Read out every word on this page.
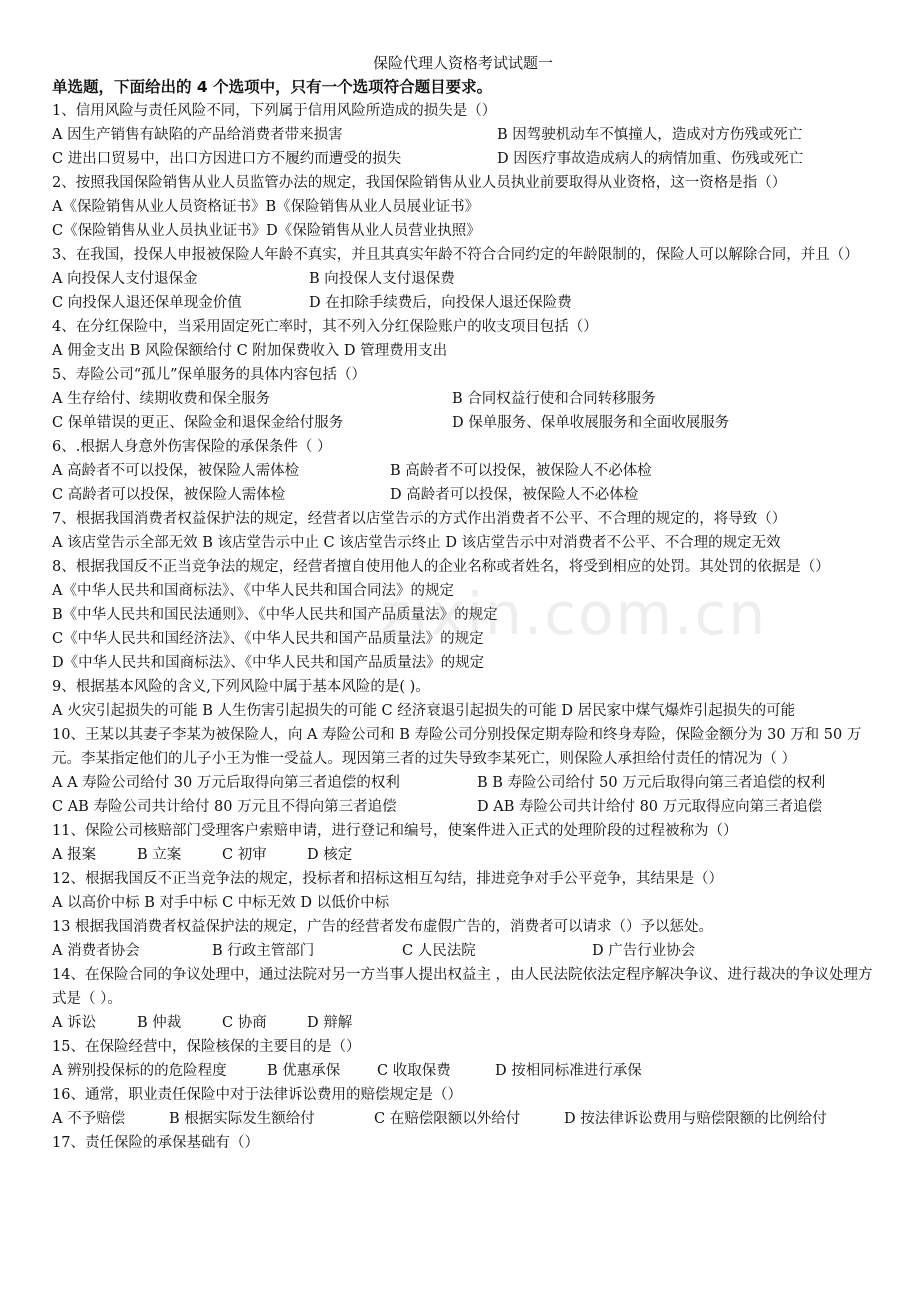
zixin.com.cn

保险代理人资格考试试题一

单选题，下面给出的 4 个选项中，只有一个选项符合题目要求。

1、信用风险与责任风险不同，下列属于信用风险所造成的损失是（）

A 因生产销售有缺陷的产品给消费者带来损害	B 因驾驶机动车不慎撞人，造成对方伤残或死亡
C 进出口贸易中，出口方因进口方不履约而遭受的损失	D 因医疗事故造成病人的病情加重、伤残或死亡

2、按照我国保险销售从业人员监管办法的规定，我国保险销售从业人员执业前要取得从业资格，这一资格是指（）

A《保险销售从业人员资格证书》B《保险销售从业人员展业证书》
C《保险销售从业人员执业证书》D《保险销售从业人员营业执照》

3、在我国，投保人申报被保险人年龄不真实，并且其真实年龄不符合合同约定的年龄限制的，保险人可以解除合同，并且（）

A 向投保人支付退保金	B 向投保人支付退保费
C 向投保人退还保单现金价值	D 在扣除手续费后，向投保人退还保险费

4、在分红保险中，当采用固定死亡率时，其不列入分红保险账户的收支项目包括（）

A 佣金支出 B 风险保额给付 C 附加保费收入 D 管理费用支出

5、寿险公司“孤儿”保单服务的具体内容包括（）

A 生存给付、续期收费和保全服务	B 合同权益行使和合同转移服务
C 保单错误的更正、保险金和退保金给付服务	D 保单服务、保单收展服务和全面收展服务

6、.根据人身意外伤害保险的承保条件（ ）

A 高龄者不可以投保，被保险人需体检	B 高龄者不可以投保，被保险人不必体检
C 高龄者可以投保，被保险人需体检	D 高龄者可以投保，被保险人不必体检

7、根据我国消费者权益保护法的规定，经营者以店堂告示的方式作出消费者不公平、不合理的规定的，将导致（）

A 该店堂告示全部无效 B 该店堂告示中止 C 该店堂告示终止 D 该店堂告示中对消费者不公平、不合理的规定无效

8、根据我国反不正当竞争法的规定，经营者擅自使用他人的企业名称或者姓名，将受到相应的处罚。其处罚的依据是（）

A《中华人民共和国商标法》、《中华人民共和国合同法》的规定
B《中华人民共和国民法通则》、《中华人民共和国产品质量法》的规定
C《中华人民共和国经济法》、《中华人民共和国产品质量法》的规定
D《中华人民共和国商标法》、《中华人民共和国产品质量法》的规定

9、根据基本风险的含义,下列风险中属于基本风险的是( )。

A 火灾引起损失的可能 B 人生伤害引起损失的可能 C 经济衰退引起损失的可能 D 居民家中煤气爆炸引起损失的可能

10、王某以其妻子李某为被保险人，向 A 寿险公司和 B 寿险公司分别投保定期寿险和终身寿险，保险金额分为 30 万和 50 万元。李某指定他们的儿子小王为惟一受益人。现因第三者的过失导致李某死亡，则保险人承担给付责任的情况为（ ）

A A 寿险公司给付 30 万元后取得向第三者追偿的权利	B B 寿险公司给付 50 万元后取得向第三者追偿的权利
C AB 寿险公司共计给付 80 万元且不得向第三者追偿	D AB 寿险公司共计给付 80 万元取得应向第三者追偿

11、保险公司核赔部门受理客户索赔申请，进行登记和编号，使案件进入正式的处理阶段的过程被称为（）

A 报案	B 立案	C 初审	D 核定

12、根据我国反不正当竞争法的规定，投标者和招标这相互勾结，排进竞争对手公平竞争，其结果是（）

A 以高价中标 B 对手中标 C 中标无效 D 以低价中标

13 根据我国消费者权益保护法的规定，广告的经营者发布虚假广告的，消费者可以请求（）予以惩处。

A 消费者协会	B 行政主管部门	C 人民法院	D 广告行业协会

14、在保险合同的争议处理中，通过法院对另一方当事人提出权益主 ，由人民法院依法定程序解决争议、进行裁决的争议处理方式是（ ）。

A 诉讼	B 仲裁	C 协商	D 辩解

15、在保险经营中，保险核保的主要目的是（）

A 辨别投保标的的危险程度	B 优惠承保	C 收取保费	D 按相同标准进行承保

16、通常，职业责任保险中对于法律诉讼费用的赔偿规定是（）

A 不予赔偿	B 根据实际发生额给付	C 在赔偿限额以外给付	D 按法律诉讼费用与赔偿限额的比例给付

17、责任保险的承保基础有（）
